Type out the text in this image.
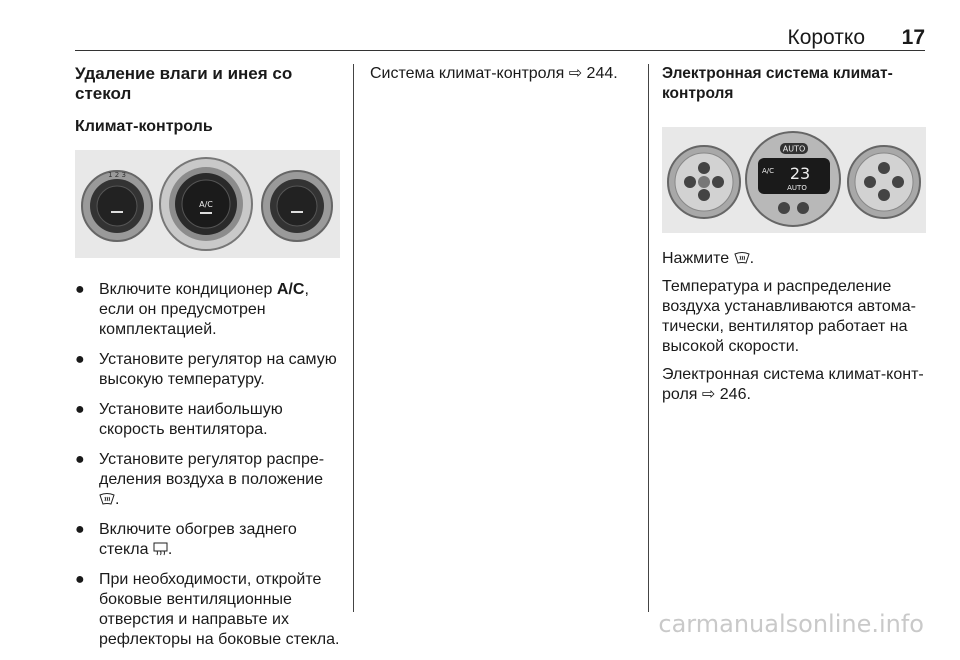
Коротко 17
Удаление влаги и инея со стекол
Климат-контроль
1 2 3
A/C
● Включите кондиционер A/C, если он предусмотрен комплектацией.
● Установите регулятор на самую высокую температуру.
● Установите наибольшую скорость вентилятора.
● Установите регулятор распре-деления воздуха в положение .
● Включите обогрев заднего стекла .
● При необходимости, откройте боковые вентиляционные отверстия и направьте их рефлекторы на боковые стекла.

Система климат-контроля ⇨ 244.	Электронная система климат-контроля
AUTO
A/C 23
AUTO

Нажмите .

Температура и распределение воздуха устанавливаются автома-тически, вентилятор работает на высокой скорости.

Электронная система климат-конт-роля ⇨ 246.

carmanualsonline.info
